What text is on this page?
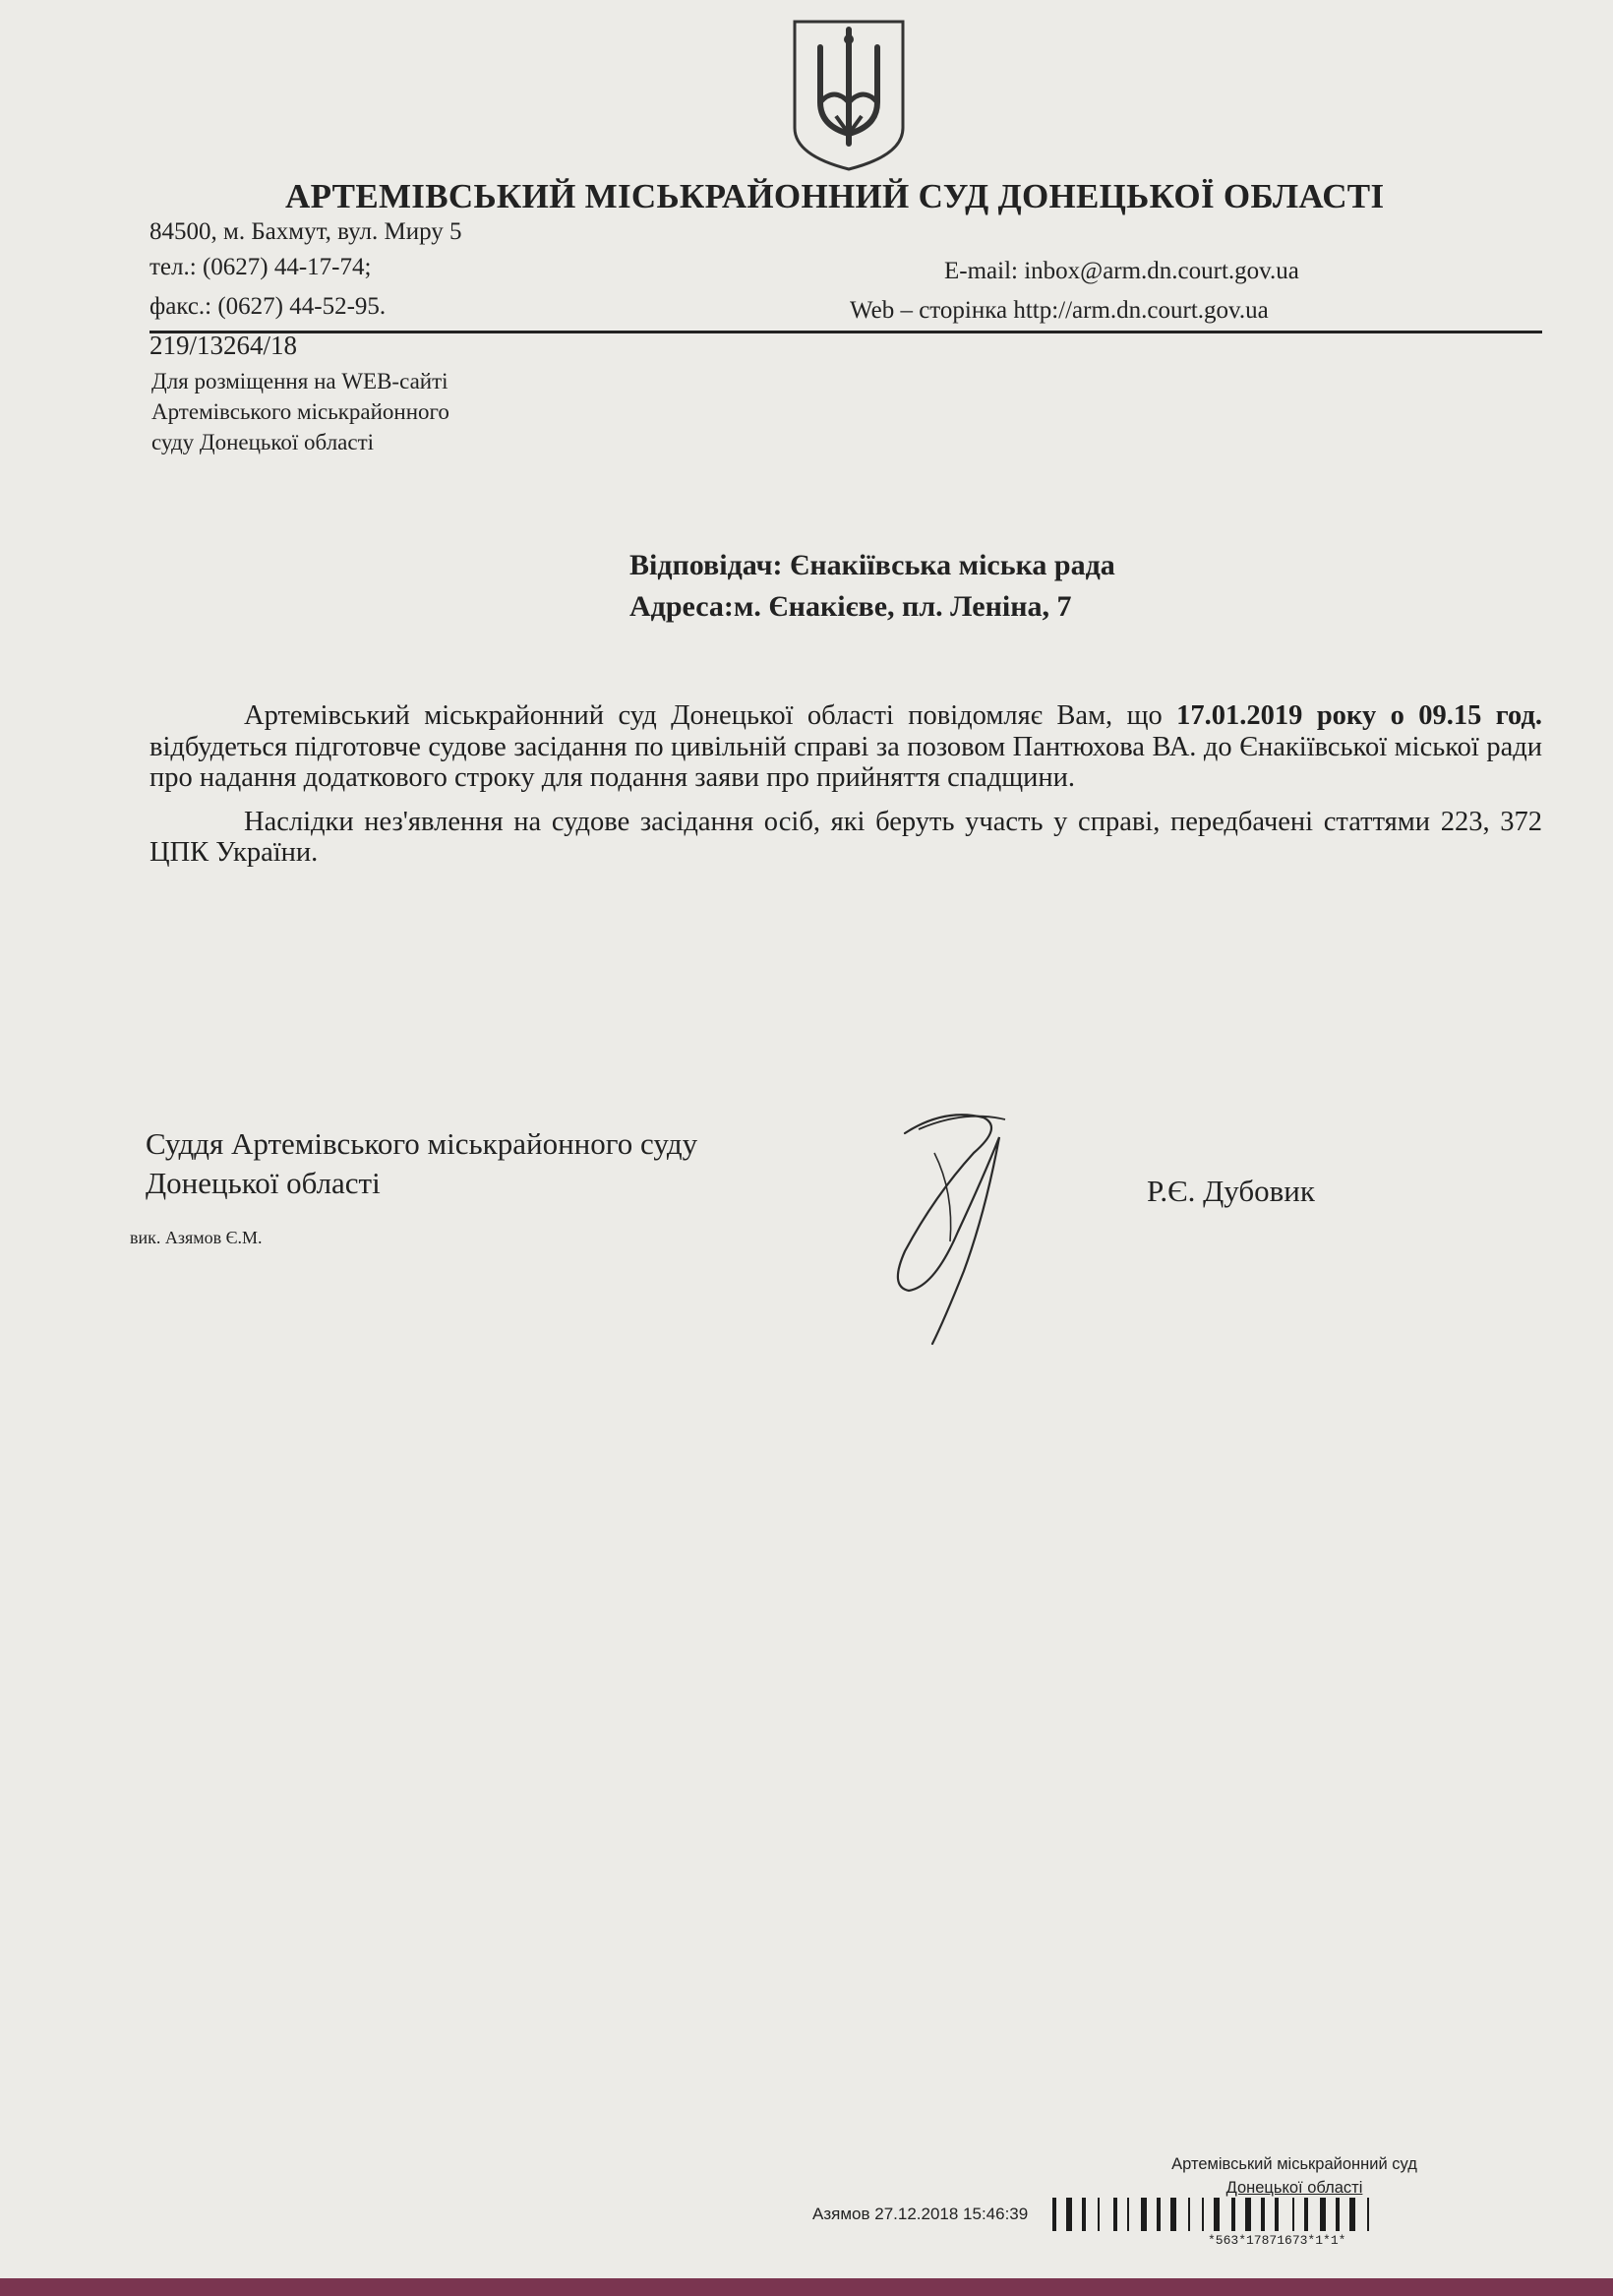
АРТЕМІВСЬКИЙ МІСЬКРАЙОННИЙ СУД ДОНЕЦЬКОЇ ОБЛАСТІ
84500, м. Бахмут, вул. Миру 5
тел.: (0627) 44-17-74;
факс.: (0627) 44-52-95.
E-mail: inbox@arm.dn.court.gov.ua
Web – сторінка http://arm.dn.court.gov.ua
219/13264/18
Для розміщення на WEB-сайті
Артемівського міськрайонного
суду Донецької області
Відповідач: Єнакіївська міська рада
Адреса:м. Єнакієве, пл. Леніна, 7

Артемівський міськрайонний суд Донецької області повідомляє Вам, що 17.01.2019 року о 09.15 год. відбудеться підготовче судове засідання по цивільній справі за позовом Пантюхова ВА. до Єнакіївської міської ради про надання додаткового строку для подання заяви про прийняття спадщини.

Наслідки нез'явлення на судове засідання осіб, які беруть участь у справі, передбачені статтями 223, 372 ЦПК України.

Суддя Артемівського міськрайонного суду
Донецької області	Р.Є. Дубовик
вик. Азямов Є.М.
Артемівський міськрайонний суд
Донецької області
Азямов 27.12.2018 15:46:39
*563*17871673*1*1*
